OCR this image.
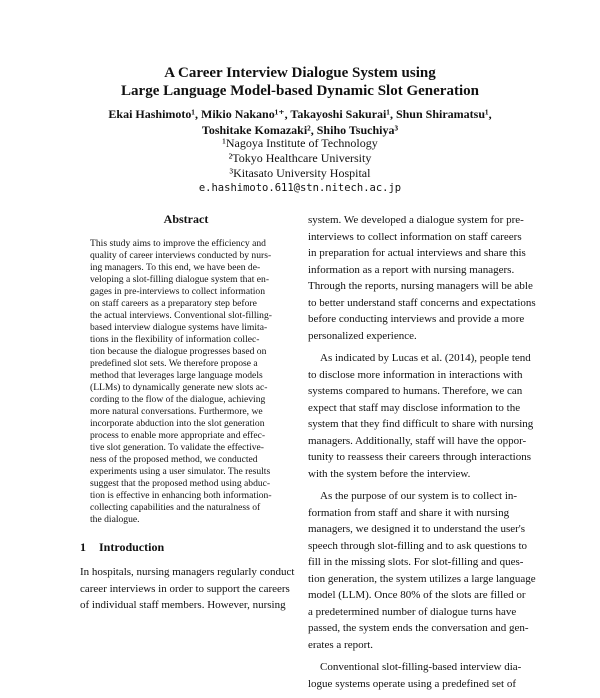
A Career Interview Dialogue System using
Large Language Model-based Dynamic Slot Generation
Ekai Hashimoto¹, Mikio Nakano¹⁺, Takayoshi Sakurai¹, Shun Shiramatsu¹,
Toshitake Komazaki², Shiho Tsuchiya³
¹Nagoya Institute of Technology
²Tokyo Healthcare University
³Kitasato University Hospital
e.hashimoto.611@stn.nitech.ac.jp
Abstract
This study aims to improve the efficiency and
quality of career interviews conducted by nurs-
ing managers. To this end, we have been de-
veloping a slot-filling dialogue system that en-
gages in pre-interviews to collect information
on staff careers as a preparatory step before
the actual interviews. Conventional slot-filling-
based interview dialogue systems have limita-
tions in the flexibility of information collec-
tion because the dialogue progresses based on
predefined slot sets. We therefore propose a
method that leverages large language models
(LLMs) to dynamically generate new slots ac-
cording to the flow of the dialogue, achieving
more natural conversations. Furthermore, we
incorporate abduction into the slot generation
process to enable more appropriate and effec-
tive slot generation. To validate the effective-
ness of the proposed method, we conducted
experiments using a user simulator. The results
suggest that the proposed method using abduc-
tion is effective in enhancing both information-
collecting capabilities and the naturalness of
the dialogue.
1 Introduction
In hospitals, nursing managers regularly conduct
career interviews in order to support the careers
of individual staff members. However, nursing
system. We developed a dialogue system for pre-
interviews to collect information on staff careers
in preparation for actual interviews and share this
information as a report with nursing managers.
Through the reports, nursing managers will be able
to better understand staff concerns and expectations
before conducting interviews and provide a more
personalized experience.
As indicated by Lucas et al. (2014), people tend
to disclose more information in interactions with
systems compared to humans. Therefore, we can
expect that staff may disclose information to the
system that they find difficult to share with nursing
managers. Additionally, staff will have the oppor-
tunity to reassess their careers through interactions
with the system before the interview.
As the purpose of our system is to collect in-
formation from staff and share it with nursing
managers, we designed it to understand the user's
speech through slot-filling and to ask questions to
fill in the missing slots. For slot-filling and ques-
tion generation, the system utilizes a large language
model (LLM). Once 80% of the slots are filled or
a predetermined number of dialogue turns have
passed, the system ends the conversation and gen-
erates a report.
Conventional slot-filling-based interview dia-
logue systems operate using a predefined set of
